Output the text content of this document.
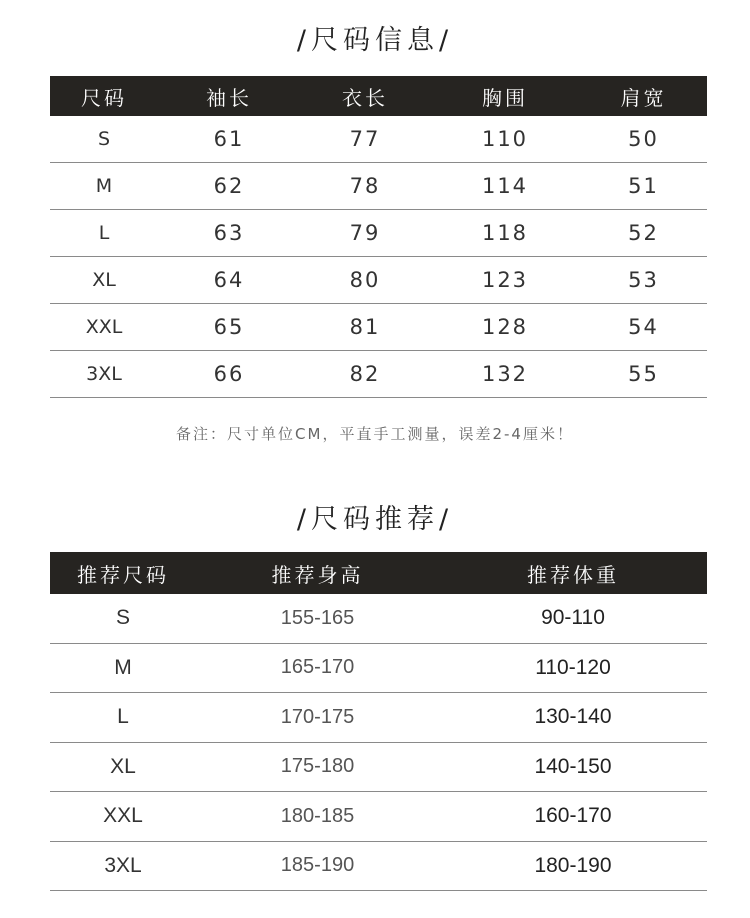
/尺码信息/
尺码	袖长	衣长	胸围	肩宽
S	61	77	110	50
M	62	78	114	51
L	63	79	118	52
XL	64	80	123	53
XXL	65	81	128	54
3XL	66	82	132	55
备注：尺寸单位CM，平直手工测量，误差2-4厘米！
/尺码推荐/
推荐尺码	推荐身高	推荐体重
S	155-165	90-110
M	165-170	110-120
L	170-175	130-140
XL	175-180	140-150
XXL	180-185	160-170
3XL	185-190	180-190
